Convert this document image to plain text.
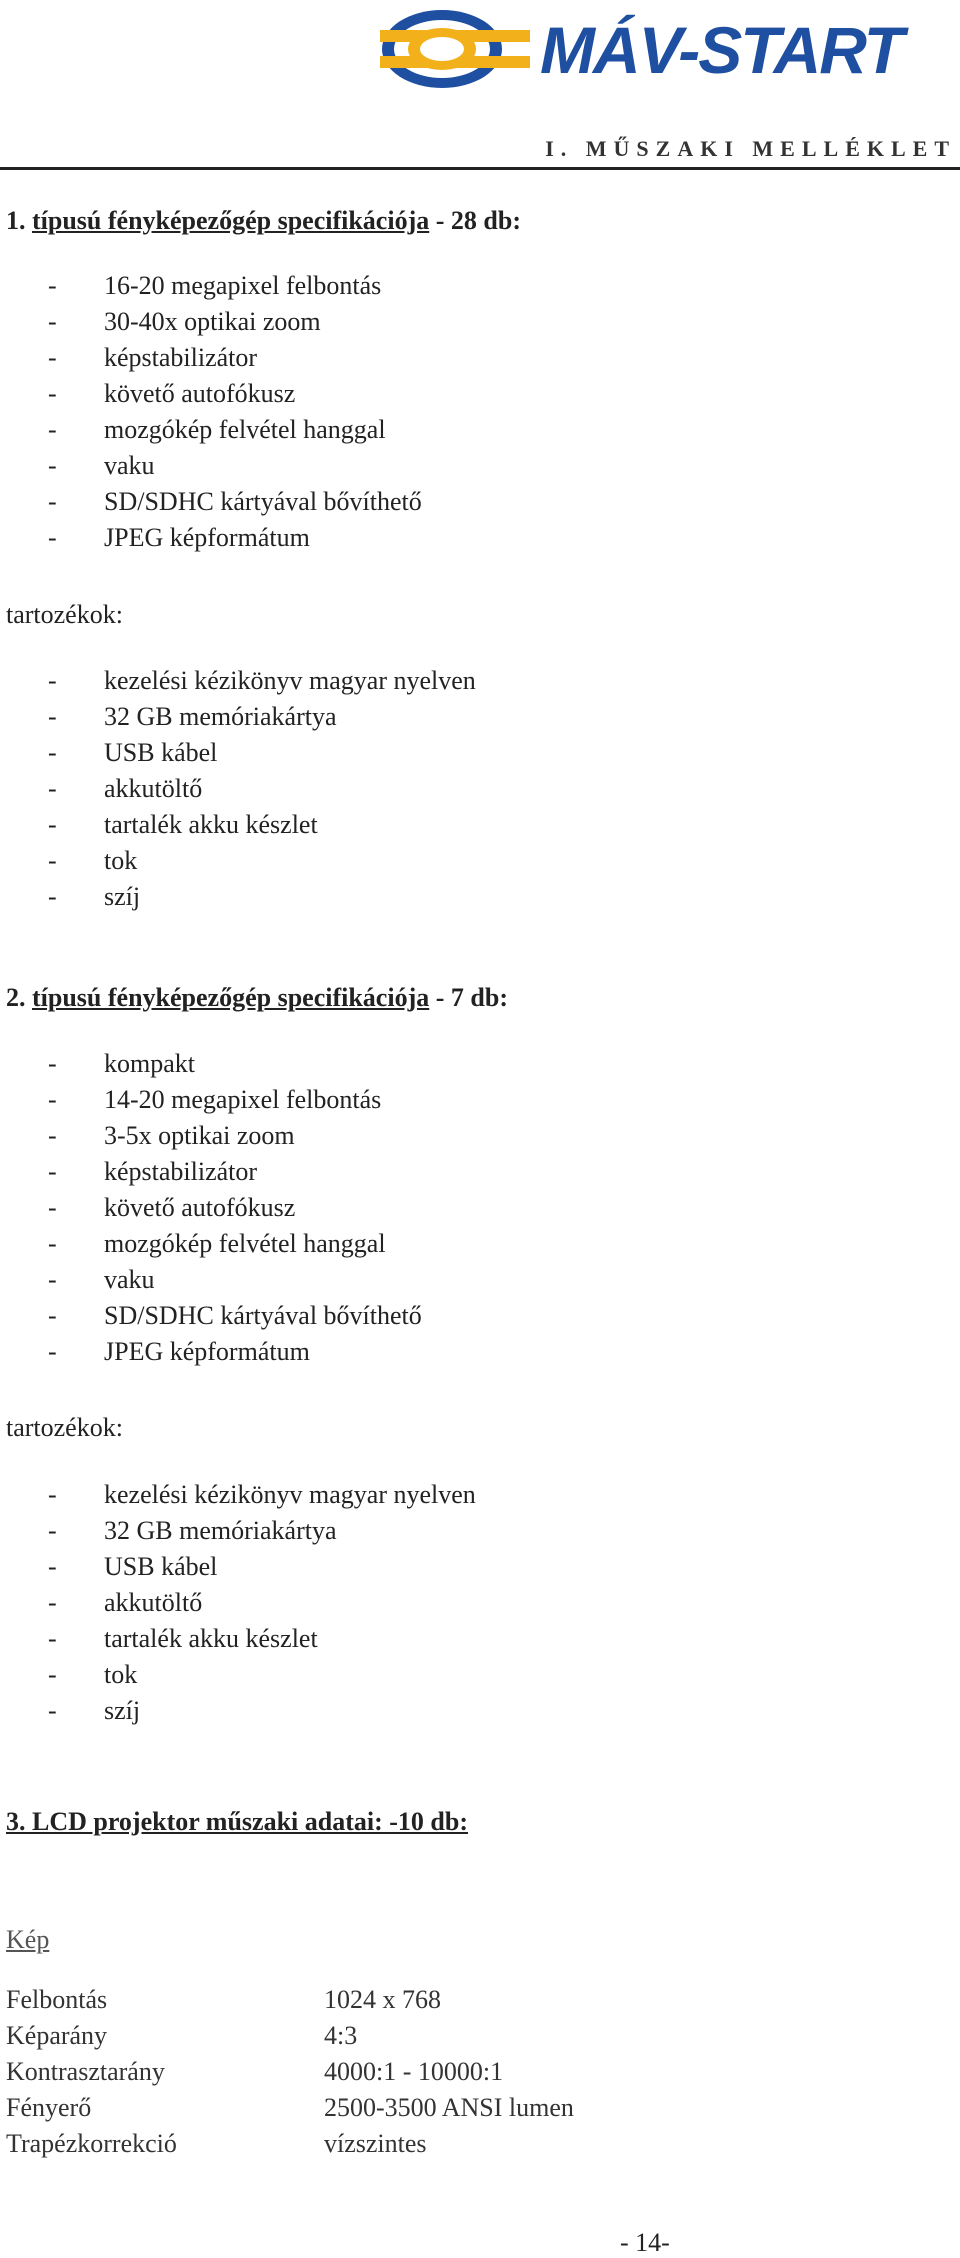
MÁV-START
I. MŰSZAKI MELLÉKLET
1. típusú fényképezőgép specifikációja - 28 db:
-	16-20 megapixel felbontás
-	30-40x optikai zoom
-	képstabilizátor
-	követő autofókusz
-	mozgókép felvétel hanggal
-	vaku
-	SD/SDHC kártyával bővíthető
-	JPEG képformátum
tartozékok:
-	kezelési kézikönyv magyar nyelven
-	32 GB memóriakártya
-	USB kábel
-	akkutöltő
-	tartalék akku készlet
-	tok
-	szíj
2. típusú fényképezőgép specifikációja - 7 db:
-	kompakt
-	14-20 megapixel felbontás
-	3-5x optikai zoom
-	képstabilizátor
-	követő autofókusz
-	mozgókép felvétel hanggal
-	vaku
-	SD/SDHC kártyával bővíthető
-	JPEG képformátum
tartozékok:
-	kezelési kézikönyv magyar nyelven
-	32 GB memóriakártya
-	USB kábel
-	akkutöltő
-	tartalék akku készlet
-	tok
-	szíj
3. LCD projektor műszaki adatai: -10 db:
Kép
Felbontás	1024 x 768
Képarány	4:3
Kontrasztarány	4000:1 - 10000:1
Fényerő	2500-3500 ANSI lumen
Trapézkorrekció	vízszintes
- 14-
